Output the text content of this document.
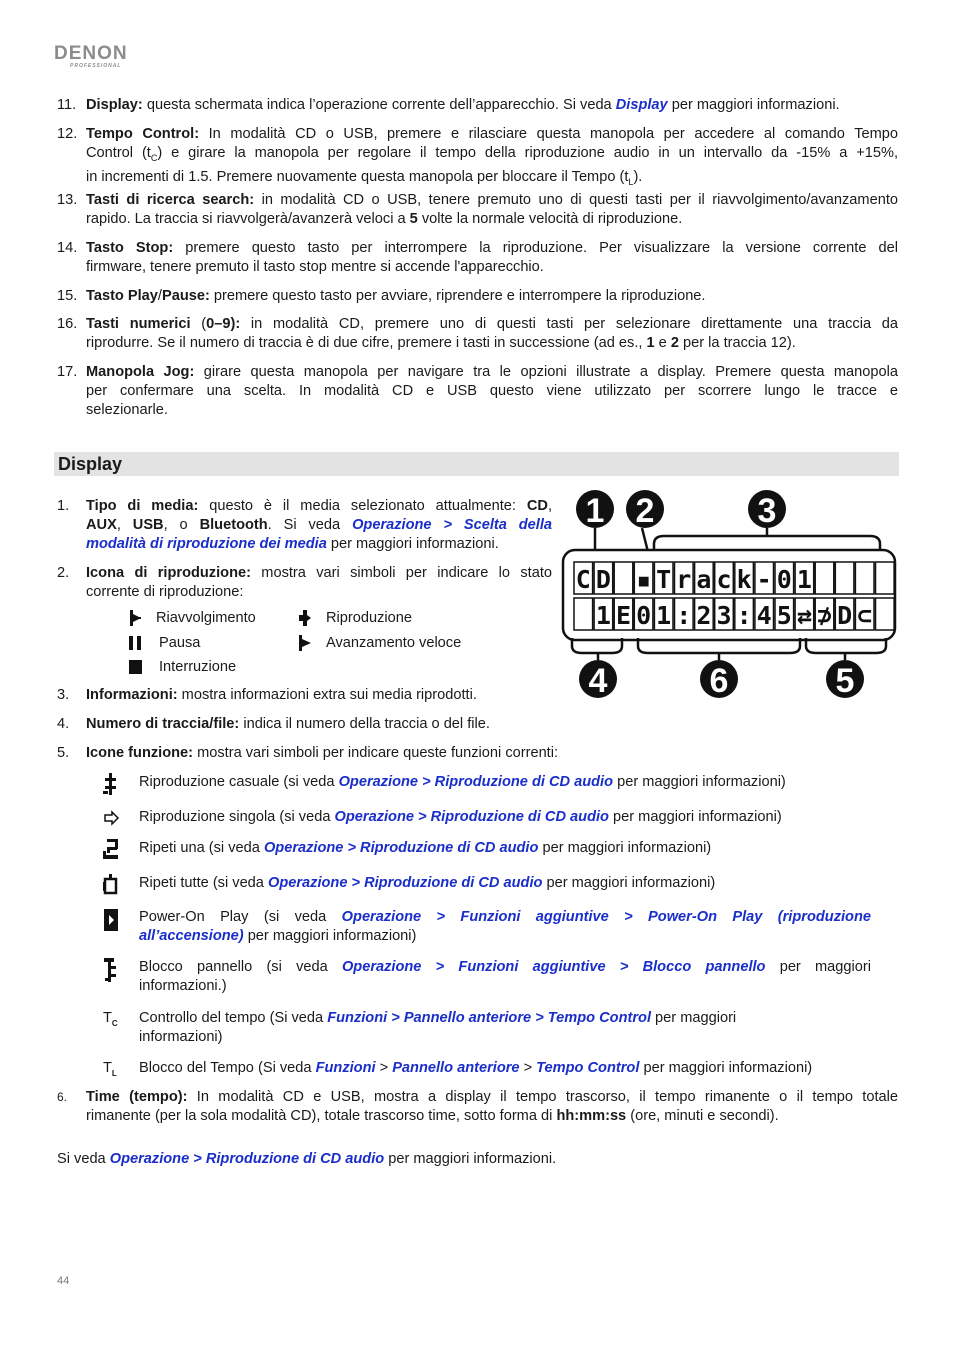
DENON
PROFESSIONAL
11. Display: questa schermata indica l’operazione corrente dell’apparecchio. Si veda Display per maggiori informazioni.
12. Tempo Control: In modalità CD o USB, premere e rilasciare questa manopola per accedere al comando Tempo
Control $(t_C)$ e girare la manopola per regolare il tempo della riproduzione audio in un intervallo da -15% a +15%,
in incrementi di 1.5. Premere nuovamente questa manopola per bloccare il Tempo $(t_L)$.
13. Tasti di ricerca search: in modalità CD o USB, tenere premuto uno di questi tasti per il riavvolgimento/avanzamento
rapido. La traccia si riavvolgerà/avanzerà veloci a 5 volte la normale velocità di riproduzione.
14. Tasto Stop: premere questo tasto per interrompere la riproduzione. Per visualizzare la versione corrente del
firmware, tenere premuto il tasto stop mentre si accende l'apparecchio.
15. Tasto Play/Pause: premere questo tasto per avviare, riprendere e interrompere la riproduzione.
16. Tasti numerici (0–9): in modalità CD, premere uno di questi tasti per selezionare direttamente una traccia da
riprodurre. Se il numero di traccia è di due cifre, premere i tasti in successione (ad es., 1 e 2 per la traccia 12).
17. Manopola Jog: girare questa manopola per navigare tra le opzioni illustrate a display. Premere questa manopola
per confermare una scelta. In modalità CD e USB questo viene utilizzato per scorrere lungo le tracce e
selezionarle.
Display
1.	Tipo di media: questo è il media selezionato attualmente: CD,
AUX, USB, o Bluetooth. Si veda Operazione > Scelta della
modalità di riproduzione dei media per maggiori informazioni.
2.	Icona di riproduzione: mostra vari simboli per indicare lo stato
corrente di riproduzione:
Riavvolgimento	Riproduzione
Pausa	Avanzamento veloce
Interruzione
1 2	3
4	6	5
C D ▪ T r a c k - 0 1
1 E 0 1 : 2 3 : 4 5 ⇄ ⊅ D ⊂
3.	Informazioni: mostra informazioni extra sui media riprodotti.
4.	Numero di traccia/file: indica il numero della traccia o del file.
5.	Icone funzione: mostra vari simboli per indicare queste funzioni correnti:
Riproduzione casuale (si veda Operazione > Riproduzione di CD audio per maggiori informazioni)
Riproduzione singola (si veda Operazione > Riproduzione di CD audio per maggiori informazioni)
Ripeti una (si veda Operazione > Riproduzione di CD audio per maggiori informazioni)
Ripeti tutte (si veda Operazione > Riproduzione di CD audio per maggiori informazioni)
Power-On Play (si veda Operazione > Funzioni aggiuntive > Power-On Play (riproduzione
all’accensione) per maggiori informazioni)
Blocco pannello (si veda Operazione > Funzioni aggiuntive > Blocco pannello per maggiori
informazioni.)
$T_C$ Controllo del tempo (Si veda Funzioni > Pannello anteriore > Tempo Control per maggiori
informazioni)
$T_L$ Blocco del Tempo (Si veda Funzioni > Pannello anteriore > Tempo Control per maggiori informazioni)
6.	Time (tempo): In modalità CD e USB, mostra a display il tempo trascorso, il tempo rimanente o il tempo totale
rimanente (per la sola modalità CD), totale trascorso time, sotto forma di hh:mm:ss (ore, minuti e secondi).
Si veda Operazione > Riproduzione di CD audio per maggiori informazioni.
44
